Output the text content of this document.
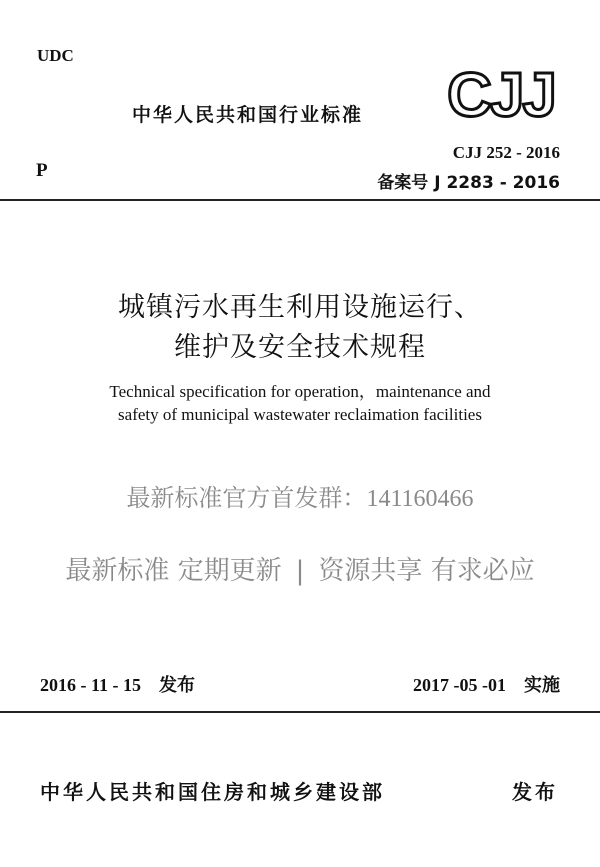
UDC
中华人民共和国行业标准 CJJ
P
CJJ 252 - 2016
备案号 J 2283 - 2016
城镇污水再生利用设施运行、
维护及安全技术规程
Technical specification for operation，maintenance and
safety of municipal wastewater reclaimation facilities
最新标准官方首发群：141160466
最新标准 定期更新 | 资源共享 有求必应
2016 - 11 - 15 发布	2017 -05 -01 实施
中华人民共和国住房和城乡建设部	发布
